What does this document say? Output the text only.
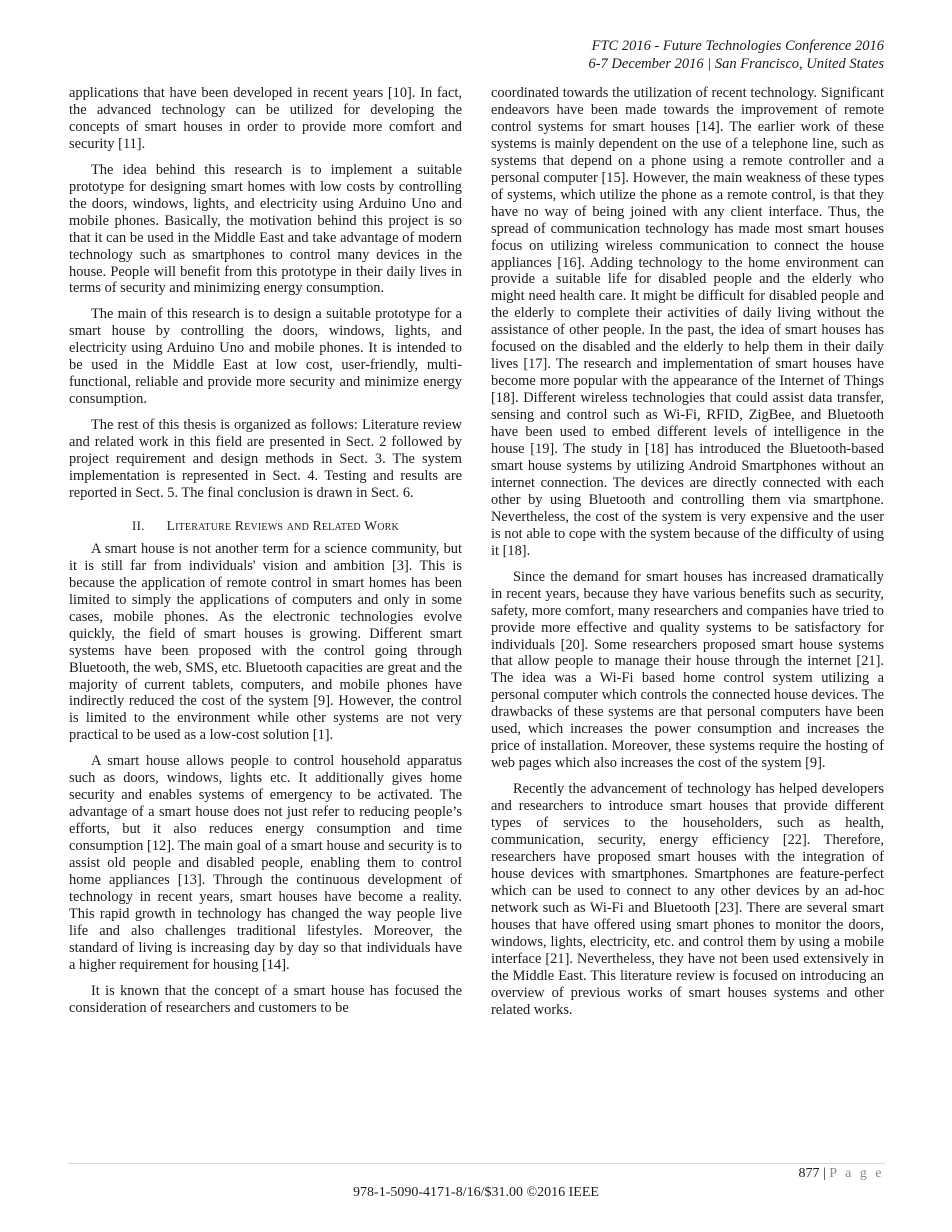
FTC 2016 - Future Technologies Conference 2016
6-7 December 2016 | San Francisco, United States

applications that have been developed in recent years [10]. In fact, the advanced technology can be utilized for developing the concepts of smart houses in order to provide more comfort and security [11].

The idea behind this research is to implement a suitable prototype for designing smart homes with low costs by controlling the doors, windows, lights, and electricity using Arduino Uno and mobile phones. Basically, the motivation behind this project is so that it can be used in the Middle East and take advantage of modern technology such as smartphones to control many devices in the house. People will benefit from this prototype in their daily lives in terms of security and minimizing energy consumption.

The main of this research is to design a suitable prototype for a smart house by controlling the doors, windows, lights, and electricity using Arduino Uno and mobile phones. It is intended to be used in the Middle East at low cost, user-friendly, multi-functional, reliable and provide more security and minimize energy consumption.

The rest of this thesis is organized as follows: Literature review and related work in this field are presented in Sect. 2 followed by project requirement and design methods in Sect. 3. The system implementation is represented in Sect. 4. Testing and results are reported in Sect. 5. The final conclusion is drawn in Sect. 6.

II. Literature Reviews and Related Work

A smart house is not another term for a science community, but it is still far from individuals' vision and ambition [3]. This is because the application of remote control in smart homes has been limited to simply the applications of computers and only in some cases, mobile phones. As the electronic technologies evolve quickly, the field of smart houses is growing. Different smart systems have been proposed with the control going through Bluetooth, the web, SMS, etc. Bluetooth capacities are great and the majority of current tablets, computers, and mobile phones have indirectly reduced the cost of the system [9]. However, the control is limited to the environment while other systems are not very practical to be used as a low-cost solution [1].

A smart house allows people to control household apparatus such as doors, windows, lights etc. It additionally gives home security and enables systems of emergency to be activated. The advantage of a smart house does not just refer to reducing people’s efforts, but it also reduces energy consumption and time consumption [12]. The main goal of a smart house and security is to assist old people and disabled people, enabling them to control home appliances [13]. Through the continuous development of technology in recent years, smart houses have become a reality. This rapid growth in technology has changed the way people live life and also challenges traditional lifestyles. Moreover, the standard of living is increasing day by day so that individuals have a higher requirement for housing [14].

It is known that the concept of a smart house has focused the consideration of researchers and customers to be

coordinated towards the utilization of recent technology. Significant endeavors have been made towards the improvement of remote control systems for smart houses [14]. The earlier work of these systems is mainly dependent on the use of a telephone line, such as systems that depend on a phone using a remote controller and a personal computer [15]. However, the main weakness of these types of systems, which utilize the phone as a remote control, is that they have no way of being joined with any client interface. Thus, the spread of communication technology has made most smart houses focus on utilizing wireless communication to connect the house appliances [16]. Adding technology to the home environment can provide a suitable life for disabled people and the elderly who might need health care. It might be difficult for disabled people and the elderly to complete their activities of daily living without the assistance of other people. In the past, the idea of smart houses has focused on the disabled and the elderly to help them in their daily lives [17]. The research and implementation of smart houses have become more popular with the appearance of the Internet of Things [18]. Different wireless technologies that could assist data transfer, sensing and control such as Wi-Fi, RFID, ZigBee, and Bluetooth have been used to embed different levels of intelligence in the house [19]. The study in [18] has introduced the Bluetooth-based smart house systems by utilizing Android Smartphones without an internet connection. The devices are directly connected with each other by using Bluetooth and controlling them via smartphone. Nevertheless, the cost of the system is very expensive and the user is not able to cope with the system because of the difficulty of using it [18].

Since the demand for smart houses has increased dramatically in recent years, because they have various benefits such as security, safety, more comfort, many researchers and companies have tried to provide more effective and quality systems to be satisfactory for individuals [20]. Some researchers proposed smart house systems that allow people to manage their house through the internet [21]. The idea was a Wi-Fi based home control system utilizing a personal computer which controls the connected house devices. The drawbacks of these systems are that personal computers have been used, which increases the power consumption and increases the price of installation. Moreover, these systems require the hosting of web pages which also increases the cost of the system [9].

Recently the advancement of technology has helped developers and researchers to introduce smart houses that provide different types of services to the householders, such as health, communication, security, energy efficiency [22]. Therefore, researchers have proposed smart houses with the integration of house devices with smartphones. Smartphones are feature-perfect which can be used to connect to any other devices by an ad-hoc network such as Wi-Fi and Bluetooth [23]. There are several smart houses that have offered using smart phones to monitor the doors, windows, lights, electricity, etc. and control them by using a mobile interface [21]. Nevertheless, they have not been used extensively in the Middle East. This literature review is focused on introducing an overview of previous works of smart houses systems and other related works.

877 | P a g e
978-1-5090-4171-8/16/$31.00 ©2016 IEEE
